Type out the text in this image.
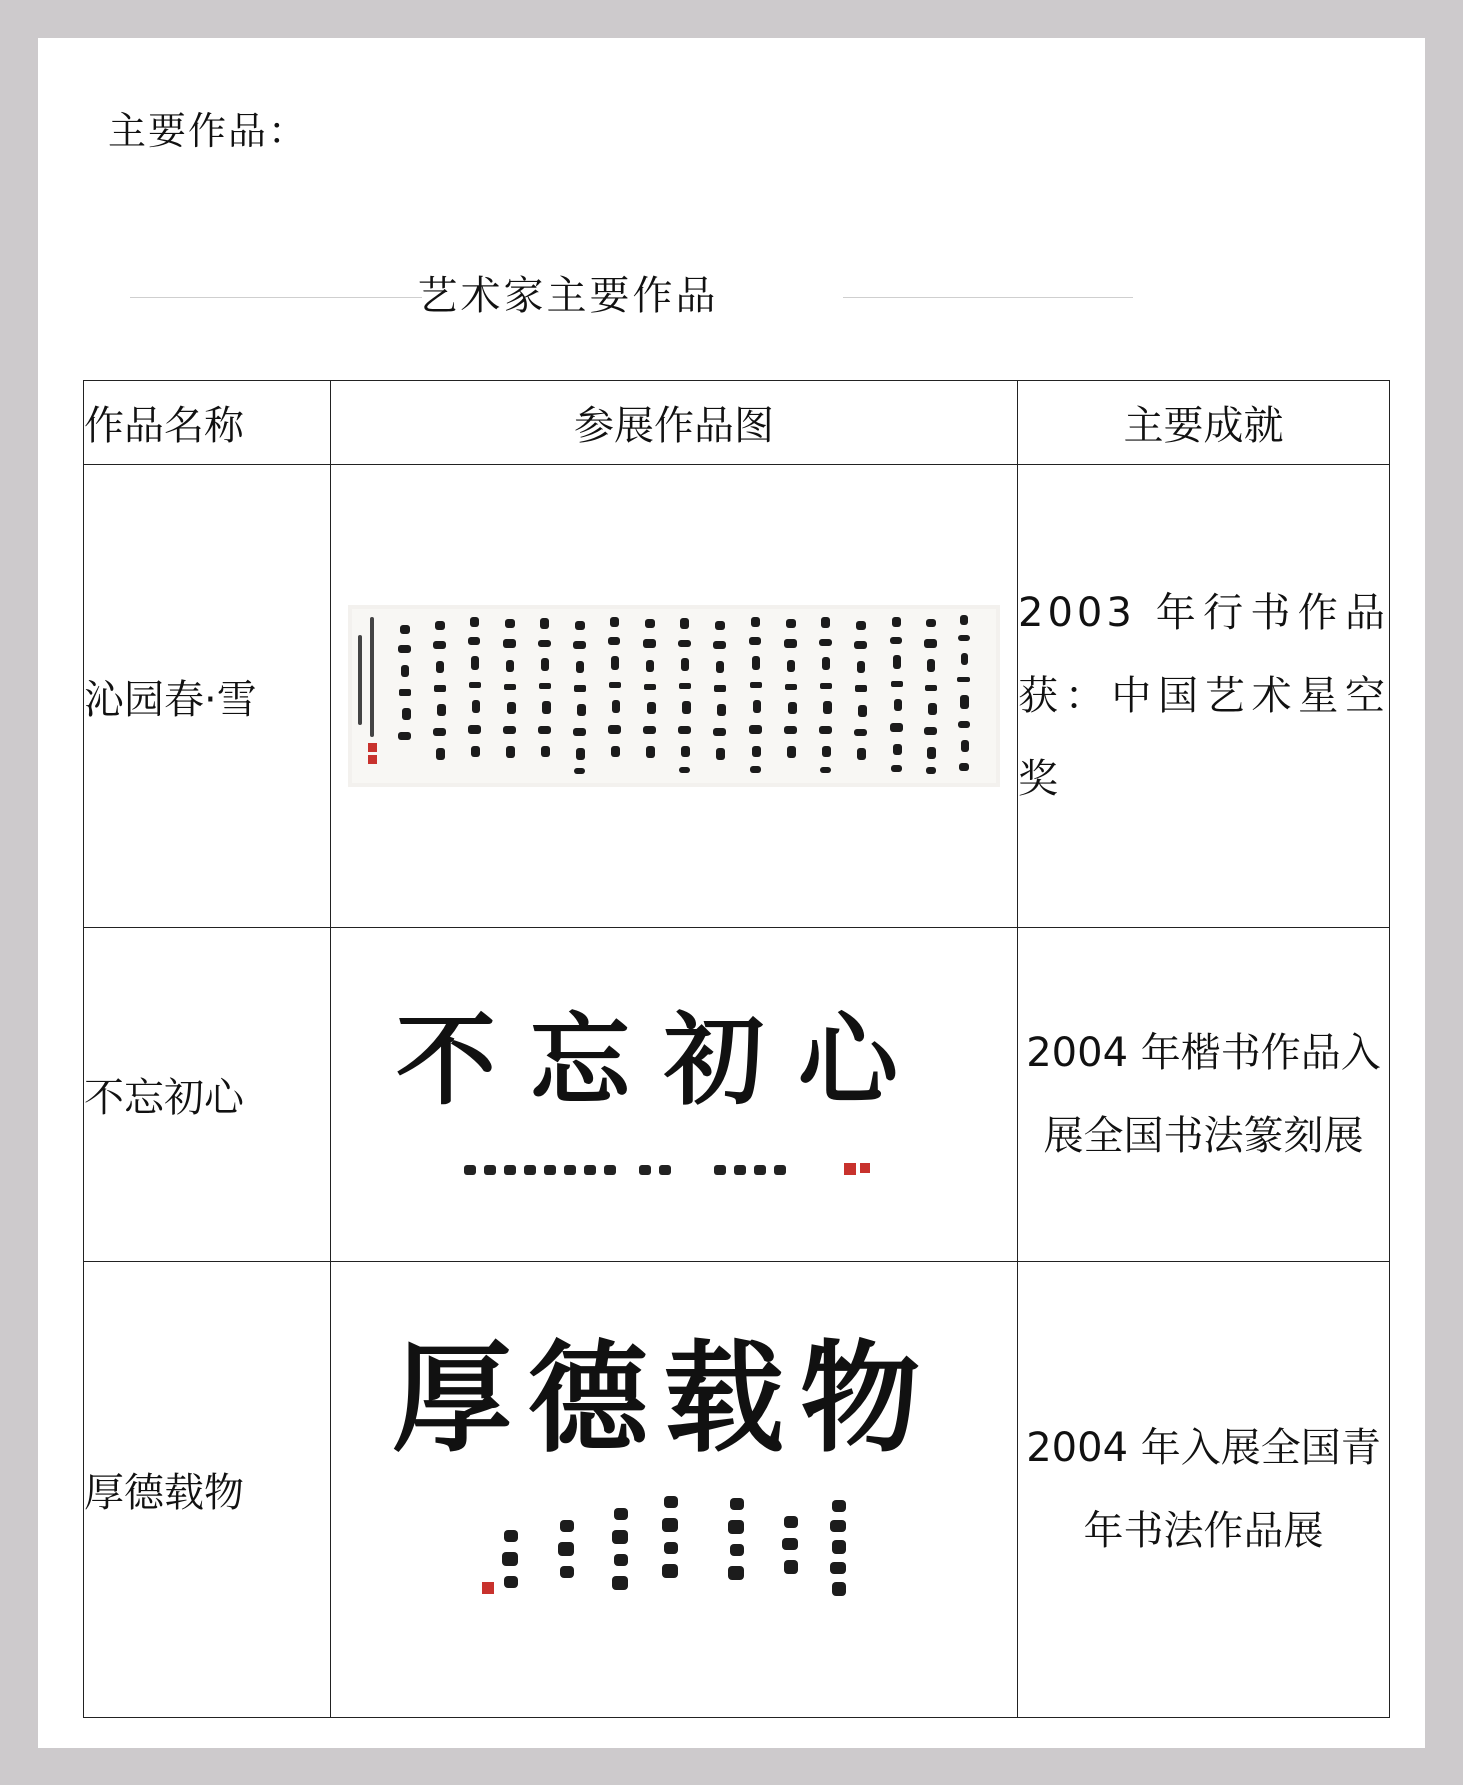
主要作品：
艺术家主要作品
作品名称	参展作品图	主要成就
沁园春·雪		2003 年行书作品获：中国艺术星空奖
不忘初心	不忘初心	2004 年楷书作品入展全国书法篆刻展
厚德载物	厚德载物	2004 年入展全国青年书法作品展
